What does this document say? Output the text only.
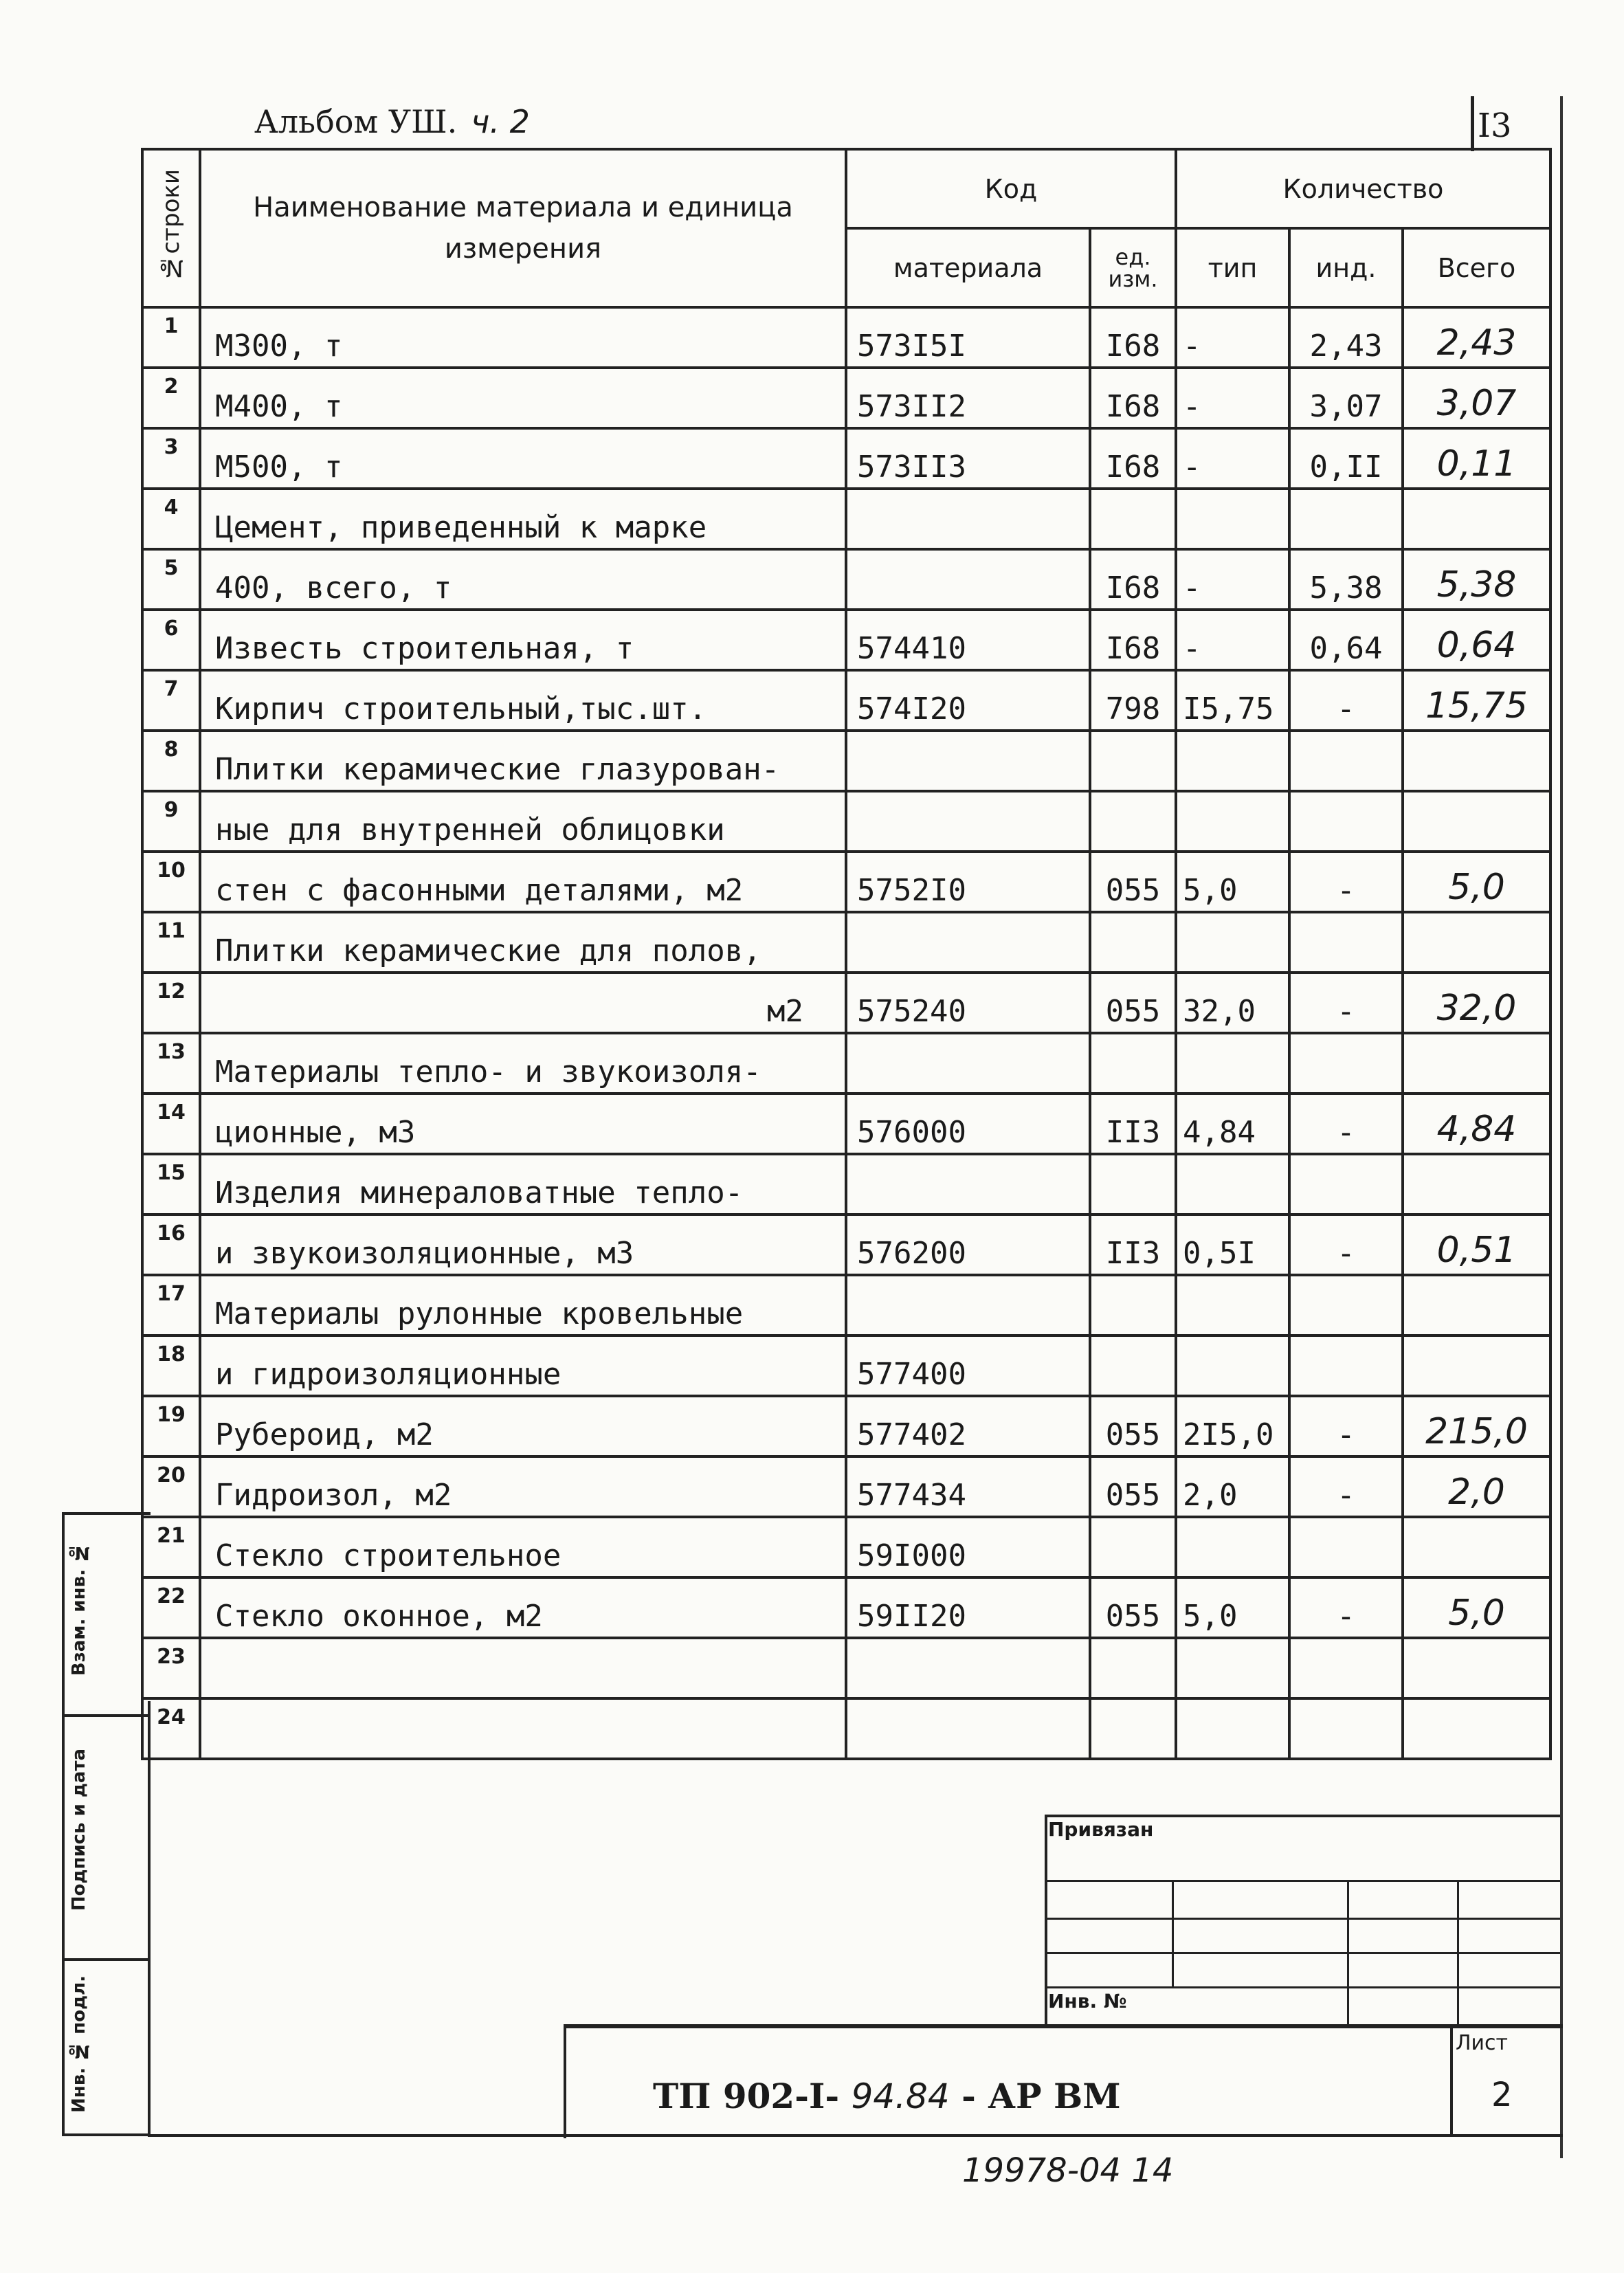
Альбом УШ. ч. 2	I3
№строки	Наименование материала и единица измерения	Код		Количество		
		материала	ед. изм.	тип	инд.	Всего
1	М300, т	573I5I	I68	-	2,43	2,43
2	М400, т	573II2	I68	-	3,07	3,07
3	М500, т	573II3	I68	-	0,II	0,11
4	Цемент, приведенный к марке					
5	400, всего, т		I68	-	5,38	5,38
6	Известь строительная, т	574410	I68	-	0,64	0,64
7	Кирпич строительный,тыс.шт.	574I20	798	I5,75	-	15,75
8	Плитки керамические глазурован-					
9	ные для внутренней облицовки					
10	стен с фасонными деталями, м2	5752I0	055	5,0	-	5,0
11	Плитки керамические для полов,					
12	м2	575240	055	32,0	-	32,0
13	Материалы тепло- и звукоизоля-					
14	ционные, м3	576000	II3	4,84	-	4,84
15	Изделия минераловатные тепло-					
16	и звукоизоляционные, м3	576200	II3	0,5I	-	0,51
17	Материалы рулонные кровельные					
18	и гидроизоляционные	577400				
19	Рубероид, м2	577402	055	2I5,0	-	215,0
20	Гидроизол, м2	577434	055	2,0	-	2,0
21	Стекло строительное	59I000				
22	Стекло оконное, м2	59II20	055	5,0	-	5,0
23						
24						
Взам. инв. №
Подпись и дата
Инв. № подл.
Привязан
Инв. №
ТП 902-I- 94.84 - АР ВМ
Лист
2
19978-04 14
